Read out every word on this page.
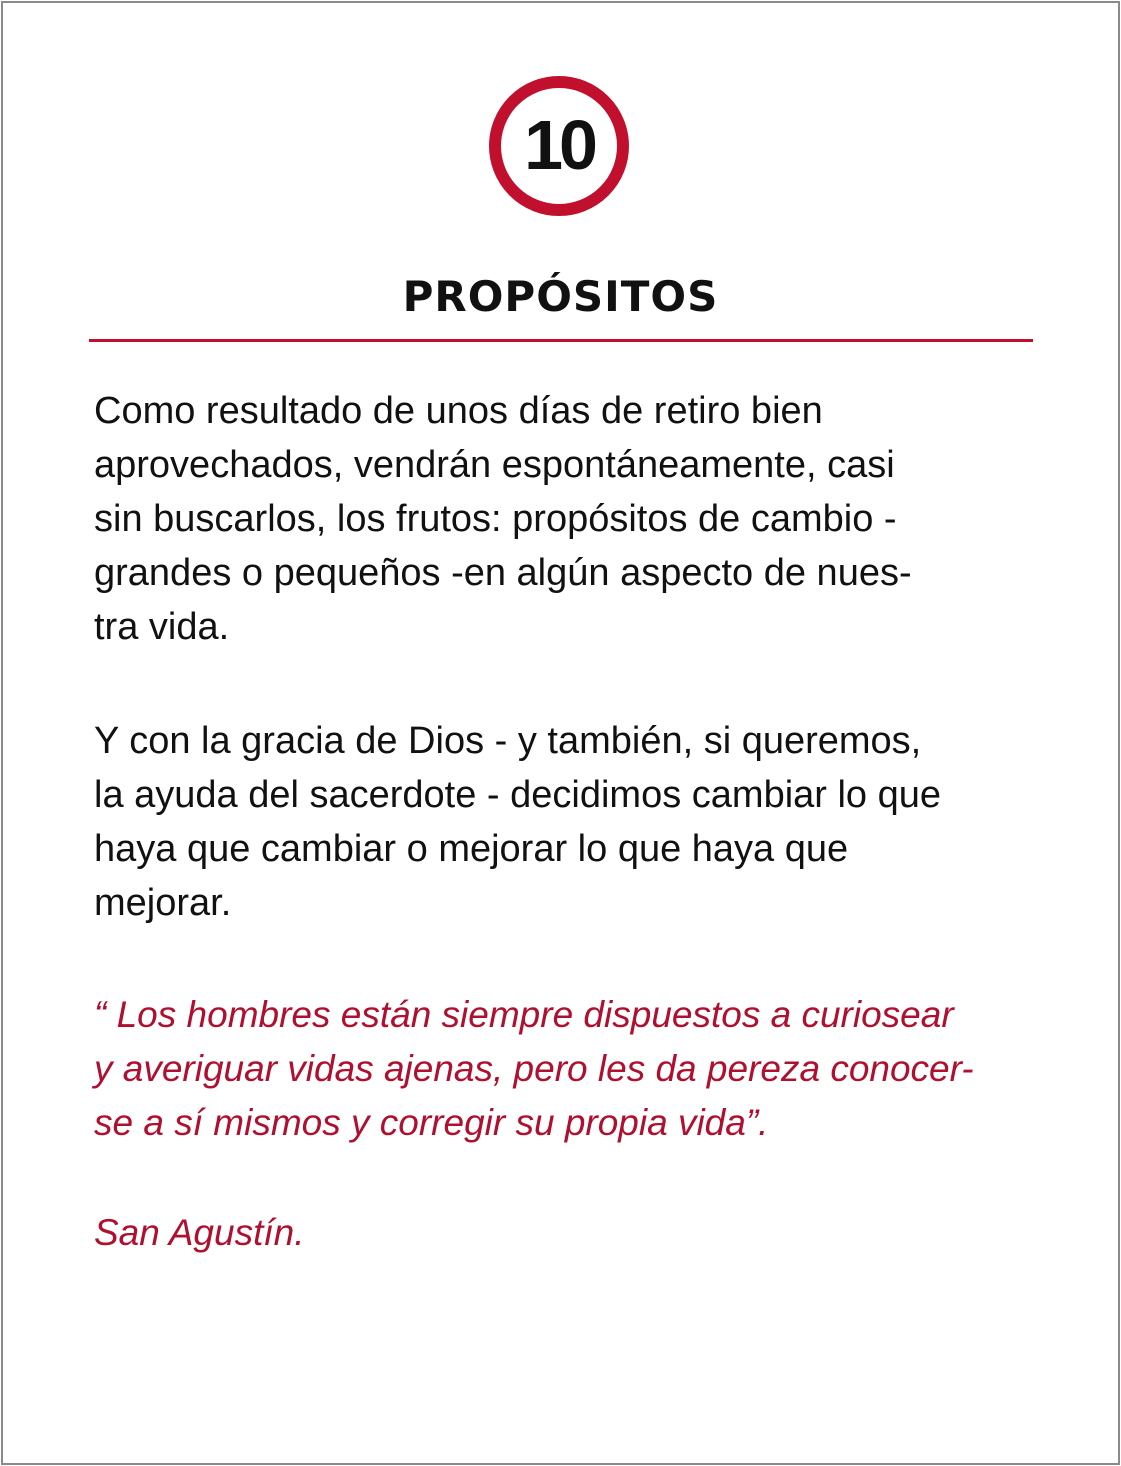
10
PROPÓSITOS

Como resultado de unos días de retiro bien
aprovechados, vendrán espontáneamente, casi
sin buscarlos, los frutos: propósitos de cambio -
grandes o pequeños -en algún aspecto de nues-
tra vida.

Y con la gracia de Dios - y también, si queremos,
la ayuda del sacerdote - decidimos cambiar lo que
haya que cambiar o mejorar lo que haya que
mejorar.

“ Los hombres están siempre dispuestos a curiosear
y averiguar vidas ajenas, pero les da pereza conocer-
se a sí mismos y corregir su propia vida”.

San Agustín.
